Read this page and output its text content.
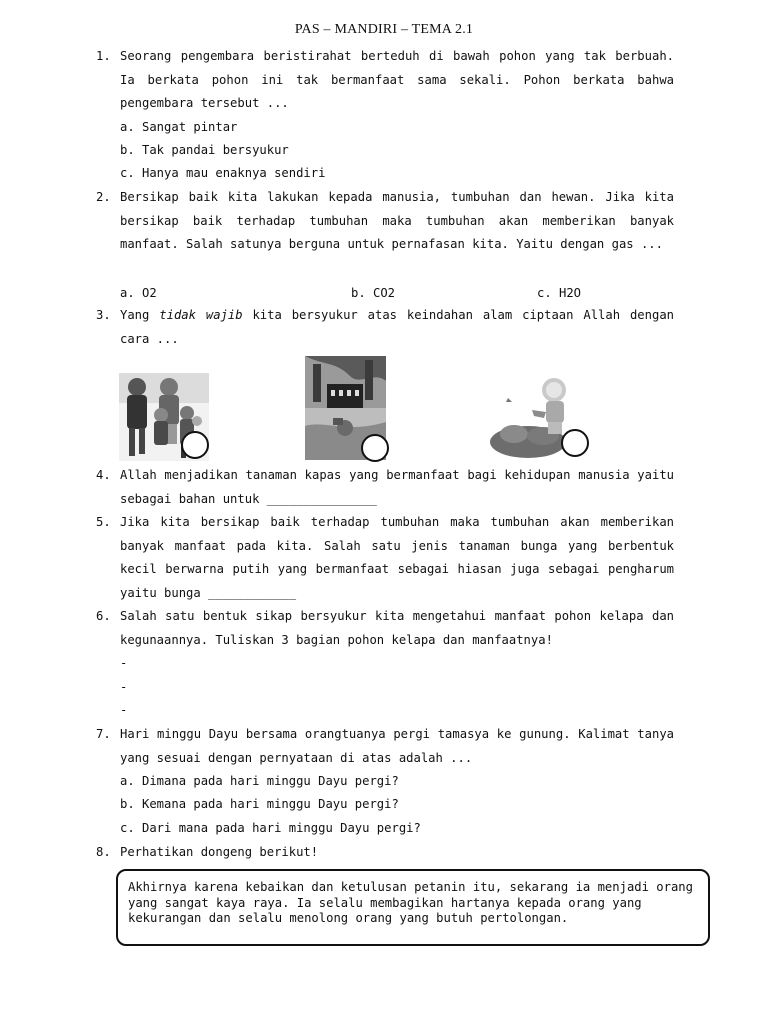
PAS – MANDIRI – TEMA 2.1
1. Seorang pengembara beristirahat berteduh di bawah pohon yang tak berbuah. Ia berkata pohon ini tak bermanfaat sama sekali. Pohon berkata bahwa pengembara tersebut ...
a. Sangat pintar
b. Tak pandai bersyukur
c. Hanya mau enaknya sendiri
2. Bersikap baik kita lakukan kepada manusia, tumbuhan dan hewan. Jika kita bersikap baik terhadap tumbuhan maka tumbuhan akan memberikan banyak manfaat. Salah satunya berguna untuk pernafasan kita. Yaitu dengan gas ...
a. O2	b. CO2	c. H2O
3. Yang tidak wajib kita bersyukur atas keindahan alam ciptaan Allah dengan cara ...
4. Allah menjadikan tanaman kapas yang bermanfaat bagi kehidupan manusia yaitu sebagai bahan untuk _______________
5. Jika kita bersikap baik terhadap tumbuhan maka tumbuhan akan memberikan banyak manfaat pada kita. Salah satu jenis tanaman bunga yang berbentuk kecil berwarna putih yang bermanfaat sebagai hiasan juga sebagai pengharum yaitu bunga ____________
6. Salah satu bentuk sikap bersyukur kita mengetahui manfaat pohon kelapa dan kegunaannya. Tuliskan 3 bagian pohon kelapa dan manfaatnya!
-
-
-
7. Hari minggu Dayu bersama orangtuanya pergi tamasya ke gunung. Kalimat tanya yang sesuai dengan pernyataan di atas adalah ...
a. Dimana pada hari minggu Dayu pergi?
b. Kemana pada hari minggu Dayu pergi?
c. Dari mana pada hari minggu Dayu pergi?
8. Perhatikan dongeng berikut!
Akhirnya karena kebaikan dan ketulusan petanin itu, sekarang ia menjadi orang yang sangat kaya raya. Ia selalu membagikan hartanya kepada orang yang kekurangan dan selalu menolong orang yang butuh pertolongan.
